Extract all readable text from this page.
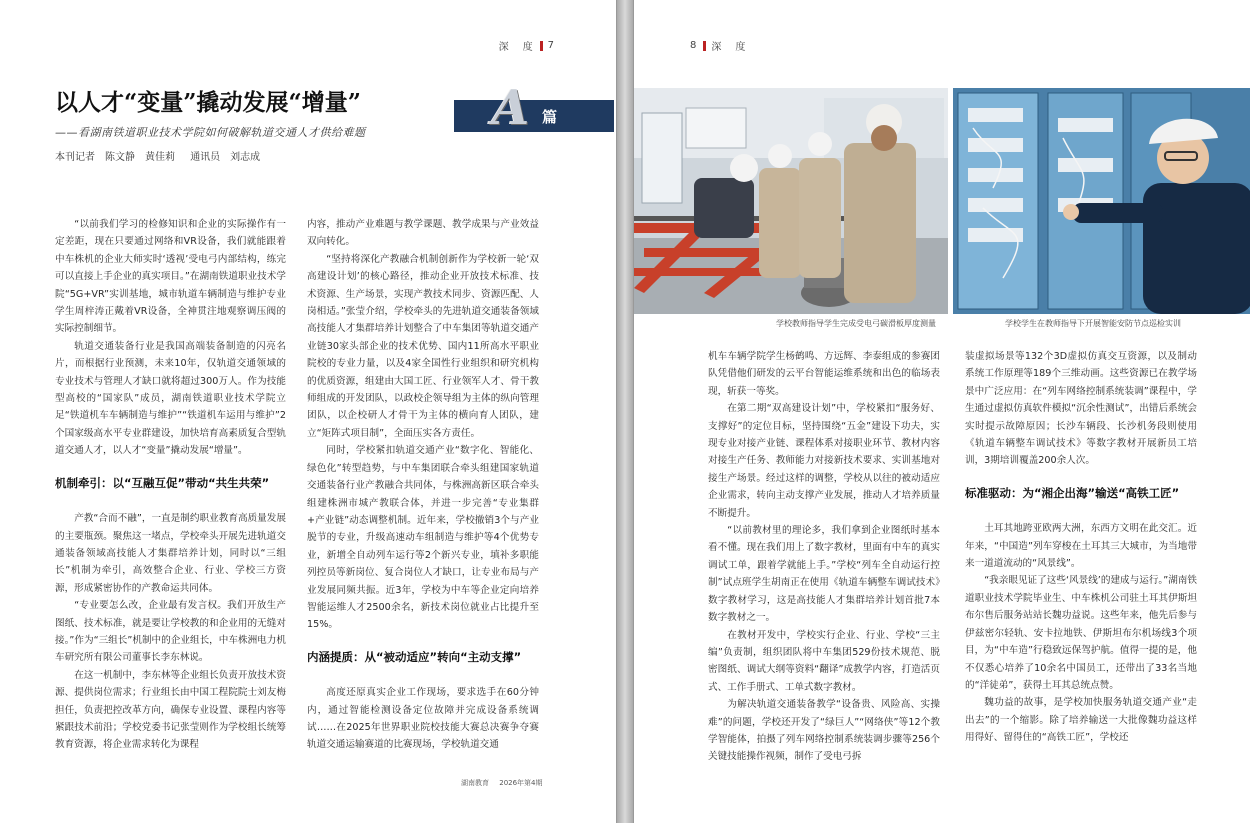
深　度 7
以人才“变量”撬动发展“增量”
——看湖南铁道职业技术学院如何破解轨道交通人才供给难题
本刊记者　陈文静　黄佳莉 通讯员　刘志成
A 篇

“以前我们学习的检修知识和企业的实际操作有一定差距，现在只要通过网络和VR设备，我们就能跟着中车株机的企业大师实时‘透视’受电弓内部结构，练完可以直接上手企业的真实项目。”在湖南铁道职业技术学院“5G+VR”实训基地，城市轨道车辆制造与维护专业学生周梓涛正戴着VR设备，全神贯注地观察调压阀的实际控制细节。

轨道交通装备行业是我国高端装备制造的闪亮名片，而根据行业预测，未来10年，仅轨道交通领域的专业技术与管理人才缺口就将超过300万人。作为技能型高校的“国家队”成员，湖南铁道职业技术学院立足“铁道机车车辆制造与维护”“铁道机车运用与维护”2个国家级高水平专业群建设，加快培育高素质复合型轨道交通人才，以人才“变量”撬动发展“增量”。

机制牵引：以“互融互促”带动“共生共荣”

产教“合而不融”，一直是制约职业教育高质量发展的主要瓶颈。聚焦这一堵点，学校牵头开展先进轨道交通装备领域高技能人才集群培养计划，同时以“三组长”机制为牵引，高效整合企业、行业、学校三方资源，形成紧密协作的产教命运共同体。

“专业要怎么改，企业最有发言权。我们开放生产图纸、技术标准，就是要让学校教的和企业用的无缝对接。”作为“三组长”机制中的企业组长，中车株洲电力机车研究所有限公司董事长李东林说。

在这一机制中，李东林等企业组长负责开放技术资源、提供岗位需求；行业组长由中国工程院院士刘友梅担任，负责把控改革方向，确保专业设置、课程内容等紧跟技术前沿；学校党委书记张莹则作为学校组长统筹教育资源，将企业需求转化为课程

内容，推动产业难题与教学课题、教学成果与产业效益双向转化。

“坚持将深化产教融合机制创新作为学校新一轮‘双高建设计划’的核心路径，推动企业开放技术标准、技术资源、生产场景，实现产教技术同步、资源匹配、人岗相适。”张莹介绍，学校牵头的先进轨道交通装备领域高技能人才集群培养计划整合了中车集团等轨道交通产业链30家头部企业的技术优势、国内11所高水平职业院校的专业力量，以及4家全国性行业组织和研究机构的优质资源，组建由大国工匠、行业领军人才、骨干教师组成的开发团队，以政校企领导组为主体的纵向管理团队，以企校研人才骨干为主体的横向育人团队，建立“矩阵式项目制”，全面压实各方责任。

同时，学校紧扣轨道交通产业“数字化、智能化、绿色化”转型趋势，与中车集团联合牵头组建国家轨道交通装备行业产教融合共同体，与株洲高新区联合牵头组建株洲市城产教联合体，并进一步完善“专业集群+产业链”动态调整机制。近年来，学校撤销3个与产业脱节的专业，升级高速动车组制造与维护等4个优势专业，新增全自动列车运行等2个新兴专业，填补多职能列控员等新岗位、复合岗位人才缺口，让专业布局与产业发展同频共振。近3年，学校为中车等企业定向培养智能运维人才2500余名，新技术岗位就业占比提升至15%。

内涵提质：从“被动适应”转向“主动支撑”

高度还原真实企业工作现场，要求选手在60分钟内，通过智能检测设备定位故障并完成设备系统调试……在2025年世界职业院校技能大赛总决赛争夺赛轨道交通运输赛道的比赛现场，学校轨道交通

湖南教育 2026年第4期
8 深　度
学校教师指导学生完成受电弓碳滑板厚度测量	学校学生在教师指导下开展智能安防节点巡检实训

机车车辆学院学生杨鹤鸣、方远辉、李泰组成的参赛团队凭借他们研发的云平台智能运维系统和出色的临场表现，斩获一等奖。

在第二期“双高建设计划”中，学校紧扣“服务好、支撑好”的定位目标，坚持围绕“五金”建设下功夫，实现专业对接产业链、课程体系对接职业环节、教材内容对接生产任务、教师能力对接新技术要求、实训基地对接生产场景。经过这样的调整，学校从以往的被动适应企业需求，转向主动支撑产业发展，推动人才培养质量不断提升。

“以前教材里的理论多，我们拿到企业图纸时基本看不懂。现在我们用上了数字教材，里面有中车的真实调试工单，跟着学就能上手。”学校“列车全自动运行控制”试点班学生胡南正在使用《轨道车辆整车调试技术》数字教材学习，这是高技能人才集群培养计划首批7本数字教材之一。

在教材开发中，学校实行企业、行业、学校“三主编”负责制，组织团队将中车集团529份技术规范、脱密图纸、调试大纲等资料“翻译”成教学内容，打造活页式、工作手册式、工单式数字教材。

为解决轨道交通装备教学“设备贵、风险高、实操难”的问题，学校还开发了“绿巨人”“网络侠”等12个教学智能体，拍摄了列车网络控制系统装调步骤等256个关键技能操作视频，制作了受电弓拆

装虚拟场景等132个3D虚拟仿真交互资源，以及制动系统工作原理等189个三维动画。这些资源已在教学场景中广泛应用：在“列车网络控制系统装调”课程中，学生通过虚拟仿真软件模拟“沉余性测试”，出错后系统会实时提示故障原因；长沙车辆段、长沙机务段则使用《轨道车辆整车调试技术》等数字教材开展新员工培训，3期培训覆盖200余人次。

标准驱动：为“湘企出海”输送“高铁工匠”

土耳其地跨亚欧两大洲，东西方文明在此交汇。近年来，“中国造”列车穿梭在土耳其三大城市，为当地带来一道道流动的“风景线”。

“我亲眼见证了这些‘风景线’的建成与运行。”湖南铁道职业技术学院毕业生、中车株机公司驻土耳其伊斯坦布尔售后服务站站长魏功益说。这些年来，他先后参与伊兹密尔轻轨、安卡拉地铁、伊斯坦布尔机场线3个项目，为“中车造”行稳致远保驾护航。值得一提的是，他不仅悉心培养了10余名中国员工，还带出了33名当地的“洋徒弟”，获得土耳其总统点赞。

魏功益的故事，是学校加快服务轨道交通产业“走出去”的一个缩影。除了培养输送一大批像魏功益这样用得好、留得住的“高铁工匠”，学校还
